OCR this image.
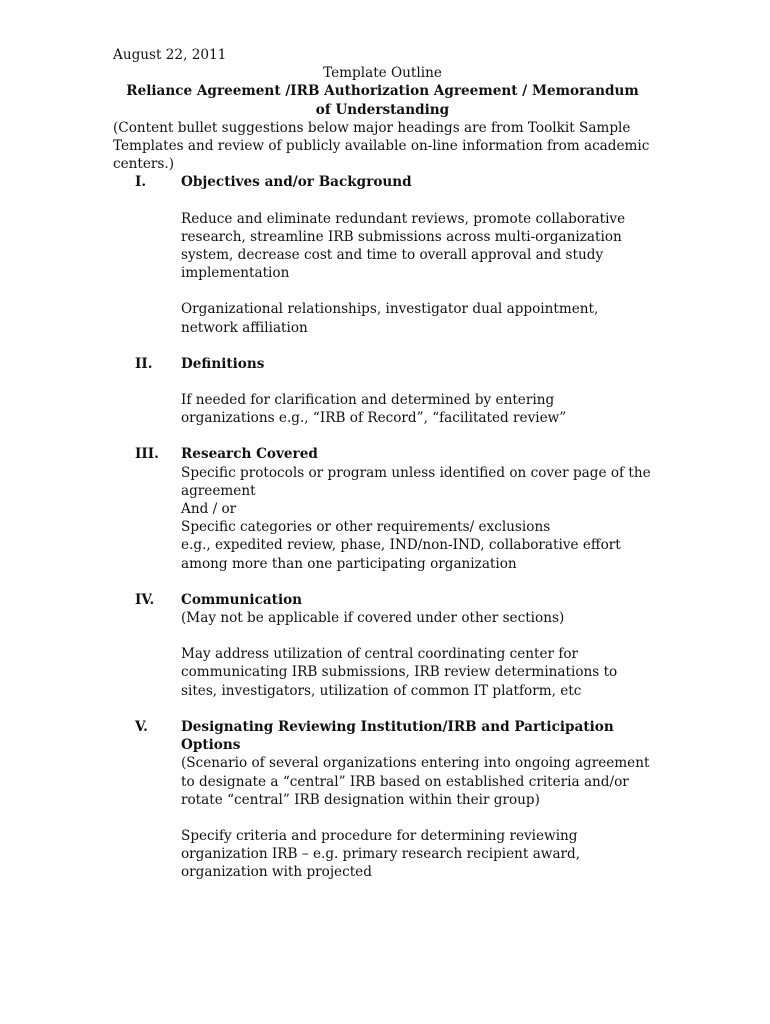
August 22, 2011

Template Outline

Reliance Agreement /IRB Authorization Agreement / Memorandum of Understanding

(Content bullet suggestions below major headings are from Toolkit Sample Templates and review of publicly available on-line information from academic centers.)

I.	Objectives and/or Background

Reduce and eliminate redundant reviews, promote collaborative research, streamline IRB submissions across multi-organization system, decrease cost and time to overall approval and study implementation

Organizational relationships, investigator dual appointment, network affiliation

II.	Definitions

If needed for clarification and determined by entering organizations e.g., “IRB of Record”, “facilitated review”

III.	Research Covered
Specific protocols or program unless identified on cover page of the agreement
And / or
Specific categories or other requirements/ exclusions
e.g., expedited review, phase, IND/non-IND, collaborative effort among more than one participating organization
IV.	Communication

(May not be applicable if covered under other sections)

May address utilization of central coordinating center for communicating IRB submissions, IRB review determinations to sites, investigators, utilization of common IT platform, etc

V.	Designating Reviewing Institution/IRB and Participation Options

(Scenario of several organizations entering into ongoing agreement to designate a “central” IRB based on established criteria and/or rotate “central” IRB designation within their group)

Specify criteria and procedure for determining reviewing organization IRB – e.g. primary research recipient award, organization with projected
